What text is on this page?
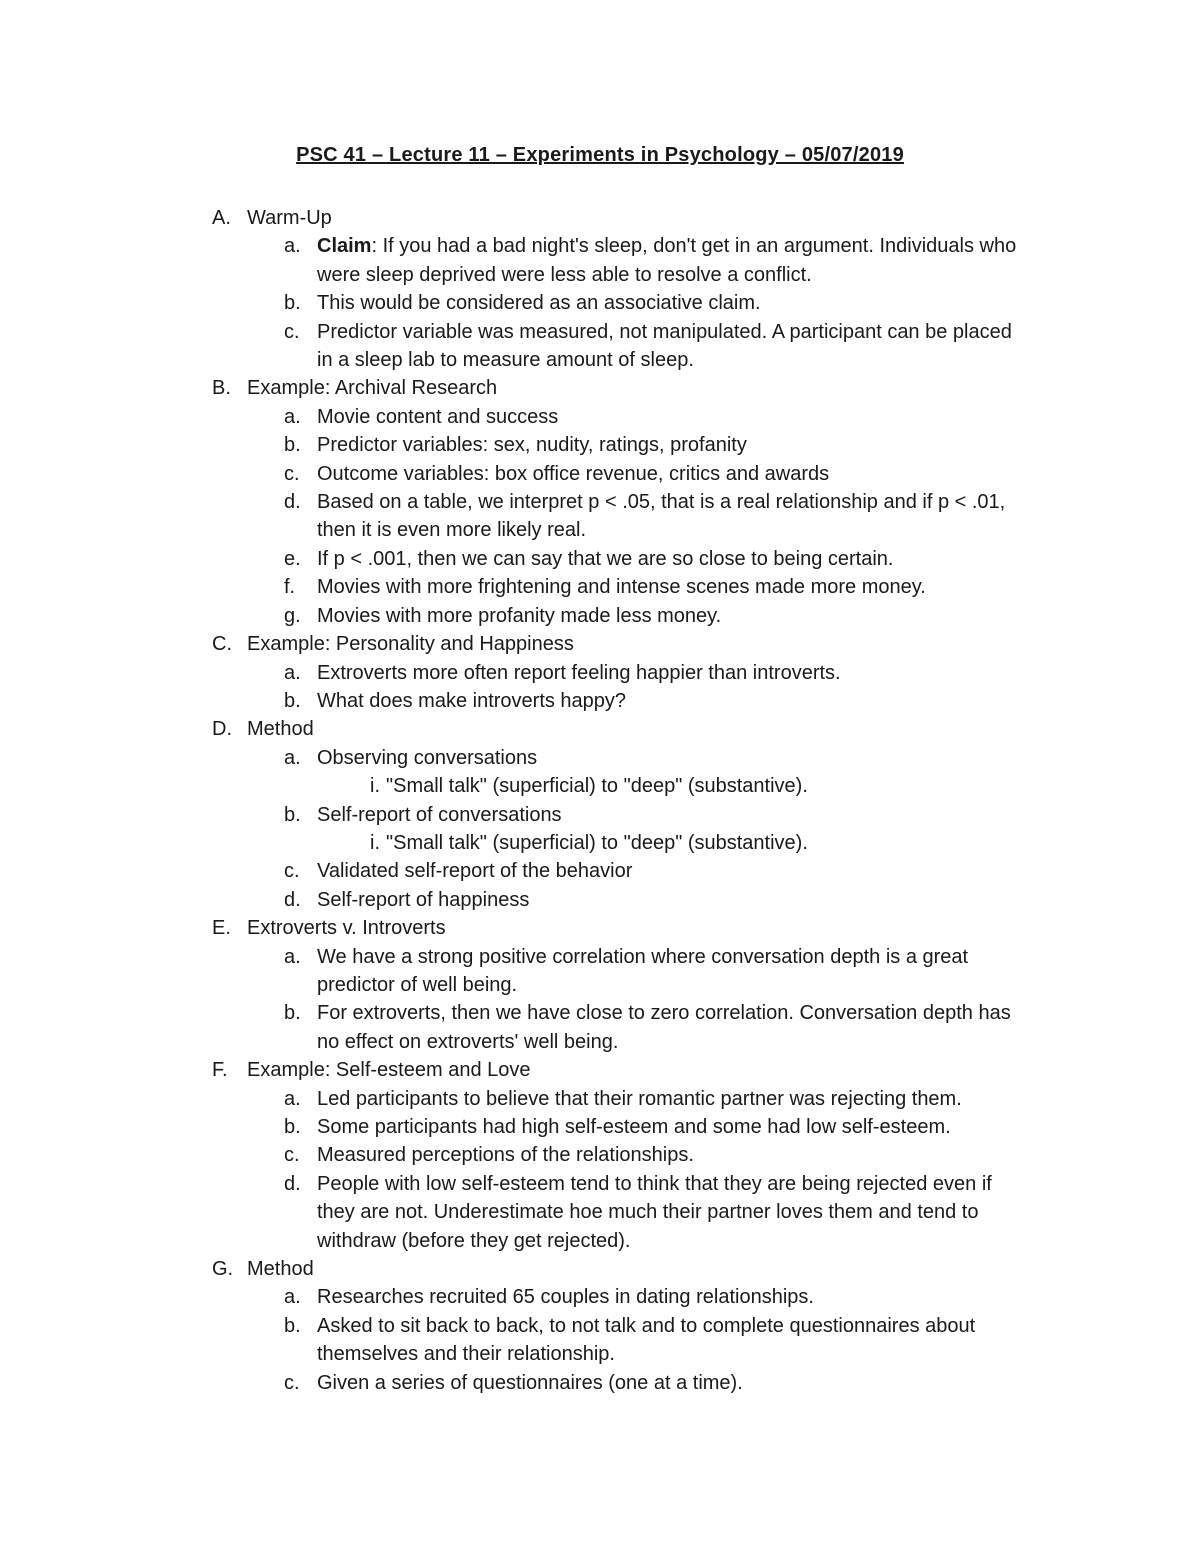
PSC 41 – Lecture 11 – Experiments in Psychology – 05/07/2019
A. Warm-Up
a. Claim: If you had a bad night's sleep, don't get in an argument. Individuals who were sleep deprived were less able to resolve a conflict.
b. This would be considered as an associative claim.
c. Predictor variable was measured, not manipulated. A participant can be placed in a sleep lab to measure amount of sleep.
B. Example: Archival Research
a. Movie content and success
b. Predictor variables: sex, nudity, ratings, profanity
c. Outcome variables: box office revenue, critics and awards
d. Based on a table, we interpret p < .05, that is a real relationship and if p < .01, then it is even more likely real.
e. If p < .001, then we can say that we are so close to being certain.
f. Movies with more frightening and intense scenes made more money.
g. Movies with more profanity made less money.
C. Example: Personality and Happiness
a. Extroverts more often report feeling happier than introverts.
b. What does make introverts happy?
D. Method
a. Observing conversations
i. "Small talk" (superficial) to "deep" (substantive).
b. Self-report of conversations
i. "Small talk" (superficial) to "deep" (substantive).
c. Validated self-report of the behavior
d. Self-report of happiness
E. Extroverts v. Introverts
a. We have a strong positive correlation where conversation depth is a great predictor of well being.
b. For extroverts, then we have close to zero correlation. Conversation depth has no effect on extroverts' well being.
F. Example: Self-esteem and Love
a. Led participants to believe that their romantic partner was rejecting them.
b. Some participants had high self-esteem and some had low self-esteem.
c. Measured perceptions of the relationships.
d. People with low self-esteem tend to think that they are being rejected even if they are not. Underestimate hoe much their partner loves them and tend to withdraw (before they get rejected).
G. Method
a. Researches recruited 65 couples in dating relationships.
b. Asked to sit back to back, to not talk and to complete questionnaires about themselves and their relationship.
c. Given a series of questionnaires (one at a time).
